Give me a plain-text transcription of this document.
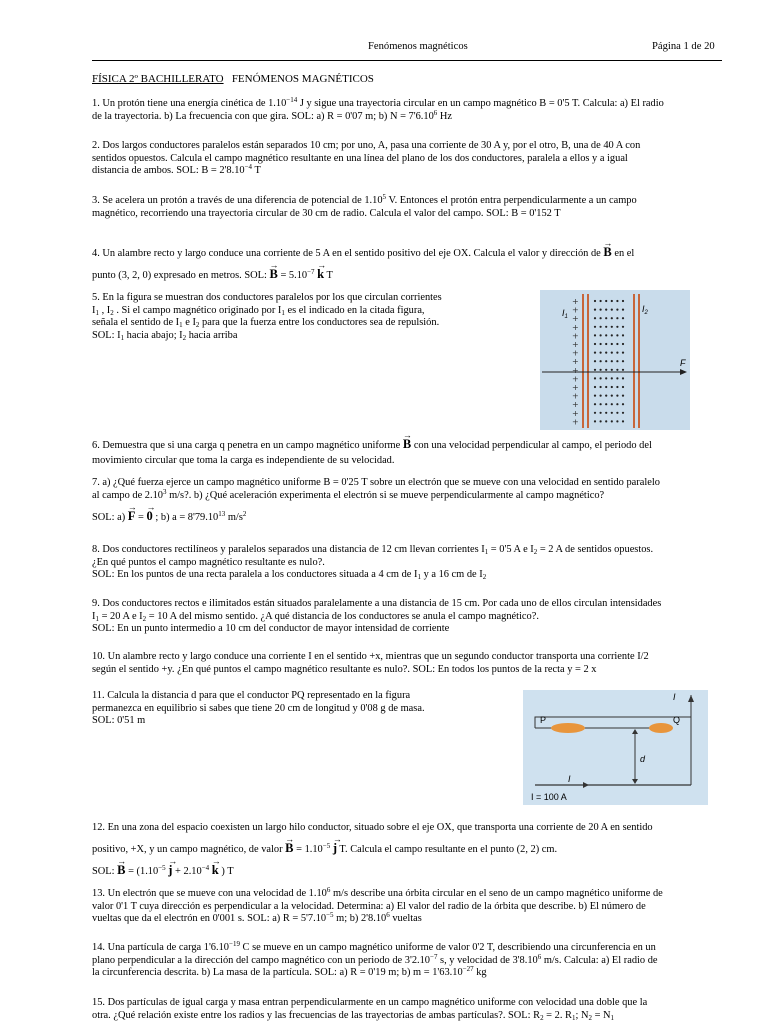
Fenómenos magnéticos	Página 1 de 20
FÍSICA 2º BACHILLERATO FENÓMENOS MAGNÉTICOS
1. Un protón tiene una energía cinética de $1.10^{-14}$ J y sigue una trayectoria circular en un campo magnético B = 0'5 T. Calcula: a) El radio
de la trayectoria. b) La frecuencia con que gira. SOL: a) R = 0'07 m; b) $N = 7'6.10^6$ Hz
2. Dos largos conductores paralelos están separados 10 cm; por uno, A, pasa una corriente de 30 A y, por el otro, B, una de 40 A con
sentidos opuestos. Calcula el campo magnético resultante en una línea del plano de los dos conductores, paralela a ellos y a igual
distancia de ambos. SOL: $B = 2'8.10^{-4}$ T
3. Se acelera un protón a través de una diferencia de potencial de 1.10$^5$ V. Entonces el protón entra perpendicularmente a un campo
magnético, recorriendo una trayectoria circular de 30 cm de radio. Calcula el valor del campo. SOL: B = 0'152 T
4. Un alambre recto y largo conduce una corriente de 5 A en el sentido positivo del eje OX. Calcula el valor y dirección de → B en el
punto (3, 2, 0) expresado en metros. SOL: → $B = 5.10^{-7} \to k$ T
5. En la figura se muestran dos conductores paralelos por los que circulan corrientes
$I_1$ , $I_2$ . Si el campo magnético originado por $I_1$ es el indicado en la citada figura,
señala el sentido de $I_1$ e $I_2$ para que la fuerza entre los conductores sea de repulsión.
SOL: $I_1$ hacia abajo; $I_2$ hacia arriba
+
+
+
+
+
+
+
+
+
+
+
+
+
+
+
$I_1$
$I_2$
F
6. Demuestra que si una carga q penetra en un campo magnético uniforme → B con una velocidad perpendicular al campo, el periodo del
movimiento circular que toma la carga es independiente de su velocidad.
7. a) ¿Qué fuerza ejerce un campo magnético uniforme B = 0'25 T sobre un electrón que se mueve con una velocidad en sentido paralelo
al campo de 2.10$^3$ m/s?. b) ¿Qué aceleración experimenta el electrón si se mueve perpendicularmente al campo magnético?
SOL: a) → F = → 0 ; b) $a = 8'79.10^{13}$ $m/s^2$
8. Dos conductores rectilíneos y paralelos separados una distancia de 12 cm llevan corrientes $I_1 = 0'5$ A e $I_2 = 2$ A de sentidos opuestos.
¿En qué puntos el campo magnético resultante es nulo?.
SOL: En los puntos de una recta paralela a los conductores situada a 4 cm de $I_1$ y a 16 cm de $I_2$
9. Dos conductores rectos e ilimitados están situados paralelamente a una distancia de 15 cm. Por cada uno de ellos circulan intensidades
$I_1 = 20$ A e $I_2 = 10$ A del mismo sentido. ¿A qué distancia de los conductores se anula el campo magnético?.
SOL: En un punto intermedio a 10 cm del conductor de mayor intensidad de corriente
10. Un alambre recto y largo conduce una corriente I en el sentido +x, mientras que un segundo conductor transporta una corriente I/2
según el sentido +y. ¿En qué puntos el campo magnético resultante es nulo?. SOL: En todos los puntos de la recta y = 2 x
11. Calcula la distancia d para que el conductor PQ representado en la figura
permanezca en equilibrio si sabes que tiene 20 cm de longitud y 0'08 g de masa.
SOL: 0'51 m	P	Q
d
I
I
I = 100 A
12. En una zona del espacio coexisten un largo hilo conductor, situado sobre el eje OX, que transporta una corriente de 20 A en sentido
positivo, +X, y un campo magnético, de valor → $B = 1.10^{-5} \to j$ T. Calcula el campo resultante en el punto (2, 2) cm.
SOL: → $B = (1.10^{-5} \to j + 2.10^{-4} \to k$ ) T
13. Un electrón que se mueve con una velocidad de 1.10$^6$ m/s describe una órbita circular en el seno de un campo magnético uniforme de
valor 0'1 T cuya dirección es perpendicular a la velocidad. Determina: a) El valor del radio de la órbita que describe. b) El número de
vueltas que da el electrón en 0'001 s. SOL: a) $R = 5'7.10^{-5}$ m; b) 2'8.10$^6$ vueltas
14. Una partícula de carga $1'6.10^{-19}$ C se mueve en un campo magnético uniforme de valor 0'2 T, describiendo una circunferencia en un
plano perpendicular a la dirección del campo magnético con un periodo de $3'2.10^{-7}$ s, y velocidad de 3'8.10$^6$ m/s. Calcula: a) El radio de
la circunferencia descrita. b) La masa de la partícula. SOL: a) R = 0'19 m; b) $m = 1'63.10^{-27}$ kg
15. Dos partículas de igual carga y masa entran perpendicularmente en un campo magnético uniforme con velocidad una doble que la
otra. ¿Qué relación existe entre los radios y las frecuencias de las trayectorias de ambas partículas?. SOL: $R_2 = 2$. $R_1$; $N_2 = N_1$
